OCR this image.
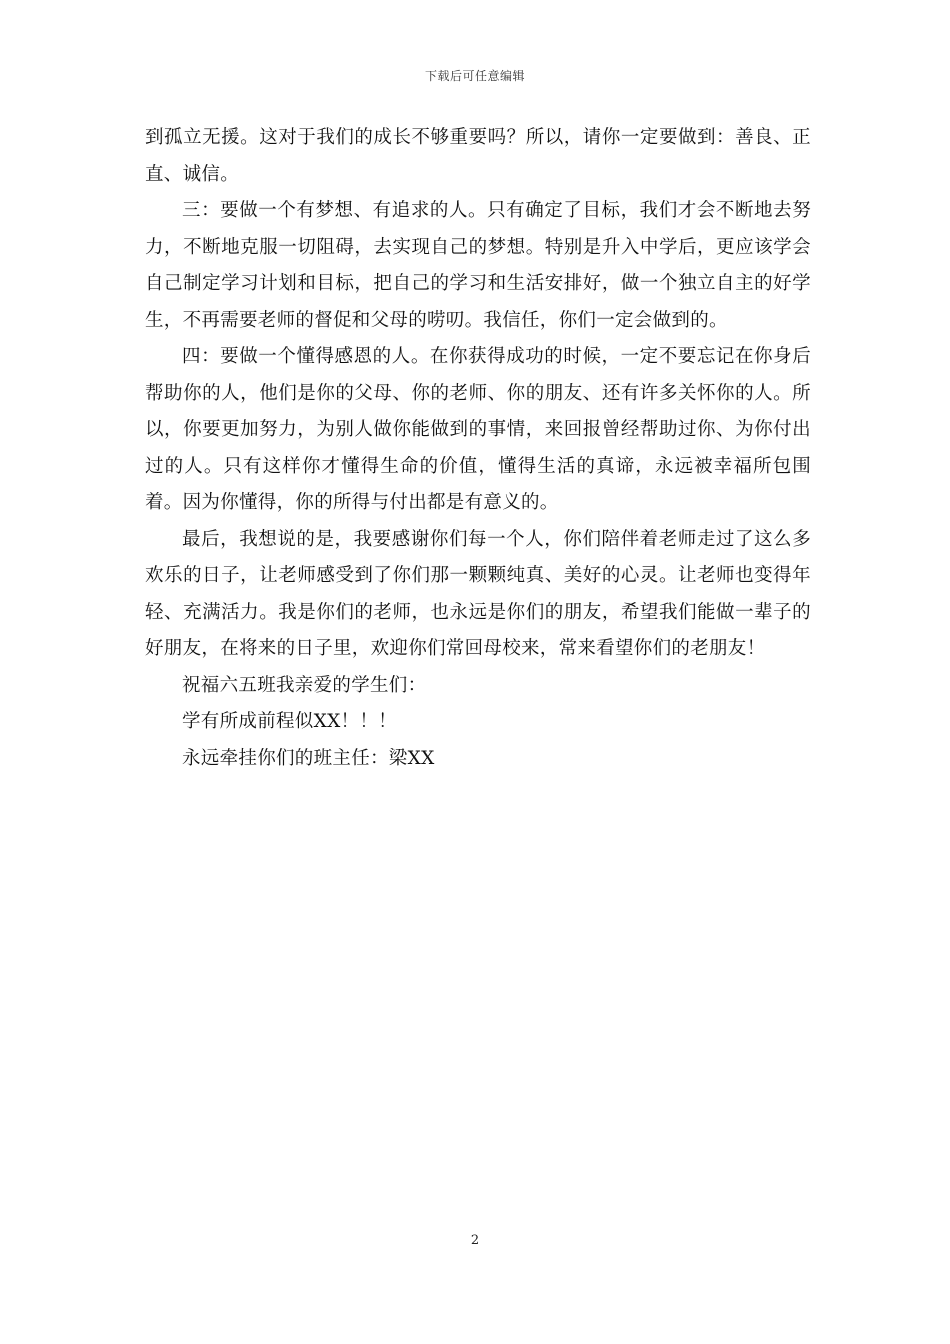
下载后可任意编辑

到孤立无援。这对于我们的成长不够重要吗？所以，请你一定要做到：善良、正直、诚信。

三：要做一个有梦想、有追求的人。只有确定了目标，我们才会不断地去努力，不断地克服一切阻碍，去实现自己的梦想。特别是升入中学后，更应该学会自己制定学习计划和目标，把自己的学习和生活安排好，做一个独立自主的好学生，不再需要老师的督促和父母的唠叨。我信任，你们一定会做到的。

四：要做一个懂得感恩的人。在你获得成功的时候，一定不要忘记在你身后帮助你的人，他们是你的父母、你的老师、你的朋友、还有许多关怀你的人。所以，你要更加努力，为别人做你能做到的事情，来回报曾经帮助过你、为你付出过的人。只有这样你才懂得生命的价值，懂得生活的真谛，永远被幸福所包围着。因为你懂得，你的所得与付出都是有意义的。

最后，我想说的是，我要感谢你们每一个人，你们陪伴着老师走过了这么多欢乐的日子，让老师感受到了你们那一颗颗纯真、美好的心灵。让老师也变得年轻、充满活力。我是你们的老师，也永远是你们的朋友，希望我们能做一辈子的好朋友，在将来的日子里，欢迎你们常回母校来，常来看望你们的老朋友！

祝福六五班我亲爱的学生们：

学有所成前程似XX！！！

永远牵挂你们的班主任：梁XX

2
